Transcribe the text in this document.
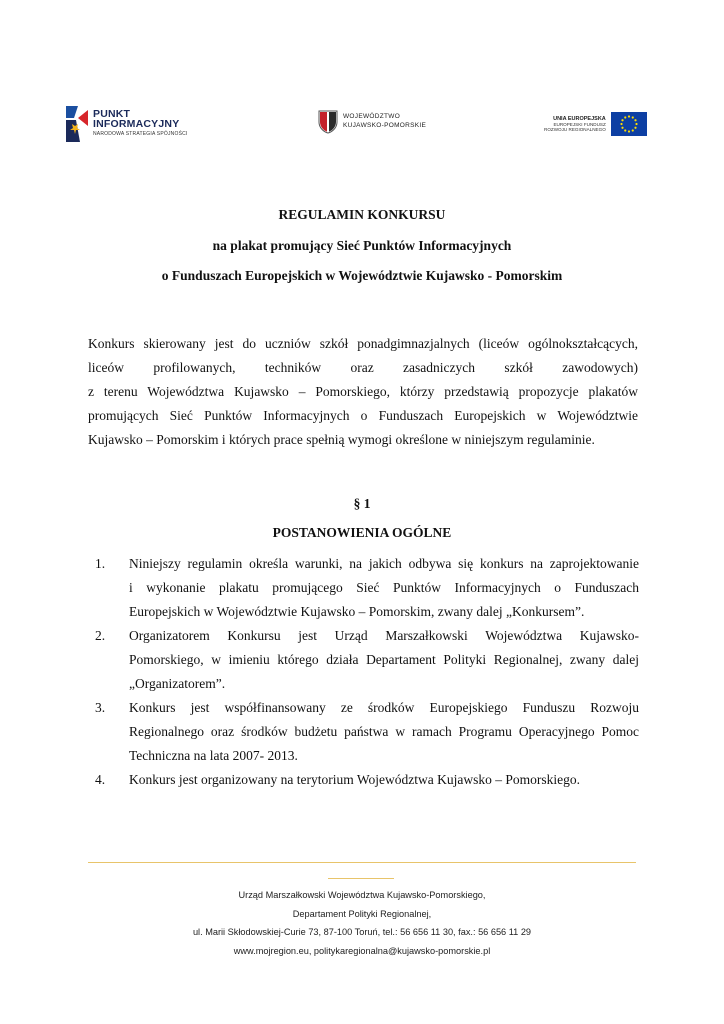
PUNKT
INFORMACYJNY
NARODOWA STRATEGIA SPÓJNOŚCI
WOJEWÓDZTWO
KUJAWSKO-POMORSKIE
UNIA EUROPEJSKA
EUROPEJSKI FUNDUSZ
ROZWOJU REGIONALNEGO
REGULAMIN KONKURSU
na plakat promujący Sieć Punktów Informacyjnych
o Funduszach Europejskich w Województwie Kujawsko - Pomorskim

Konkurs skierowany jest do uczniów szkół ponadgimnazjalnych (liceów ogólnokształcących,

liceów profilowanych, techników oraz zasadniczych szkół zawodowych)

z terenu Województwa Kujawsko – Pomorskiego, którzy przedstawią propozycje plakatów

promujących Sieć Punktów Informacyjnych o Funduszach Europejskich w Województwie

Kujawsko – Pomorskim i których prace spełnią wymogi określone w niniejszym regulaminie.

§ 1
POSTANOWIENIA OGÓLNE
1. Niniejszy regulamin określa warunki, na jakich odbywa się konkurs na zaprojektowanie
i wykonanie plakatu promującego Sieć Punktów Informacyjnych o Funduszach
Europejskich w Województwie Kujawsko – Pomorskim, zwany dalej „Konkursem”.
2. Organizatorem Konkursu jest Urząd Marszałkowski Województwa Kujawsko-
Pomorskiego, w imieniu którego działa Departament Polityki Regionalnej, zwany dalej
„Organizatorem”.
3. Konkurs jest współfinansowany ze środków Europejskiego Funduszu Rozwoju
Regionalnego oraz środków budżetu państwa w ramach Programu Operacyjnego Pomoc
Techniczna na lata 2007- 2013.
4. Konkurs jest organizowany na terytorium Województwa Kujawsko – Pomorskiego.
Urząd Marszałkowski Województwa Kujawsko-Pomorskiego,
Departament Polityki Regionalnej,
ul. Marii Skłodowskiej-Curie 73, 87-100 Toruń, tel.: 56 656 11 30, fax.: 56 656 11 29
www.mojregion.eu, politykaregionalna@kujawsko-pomorskie.pl
